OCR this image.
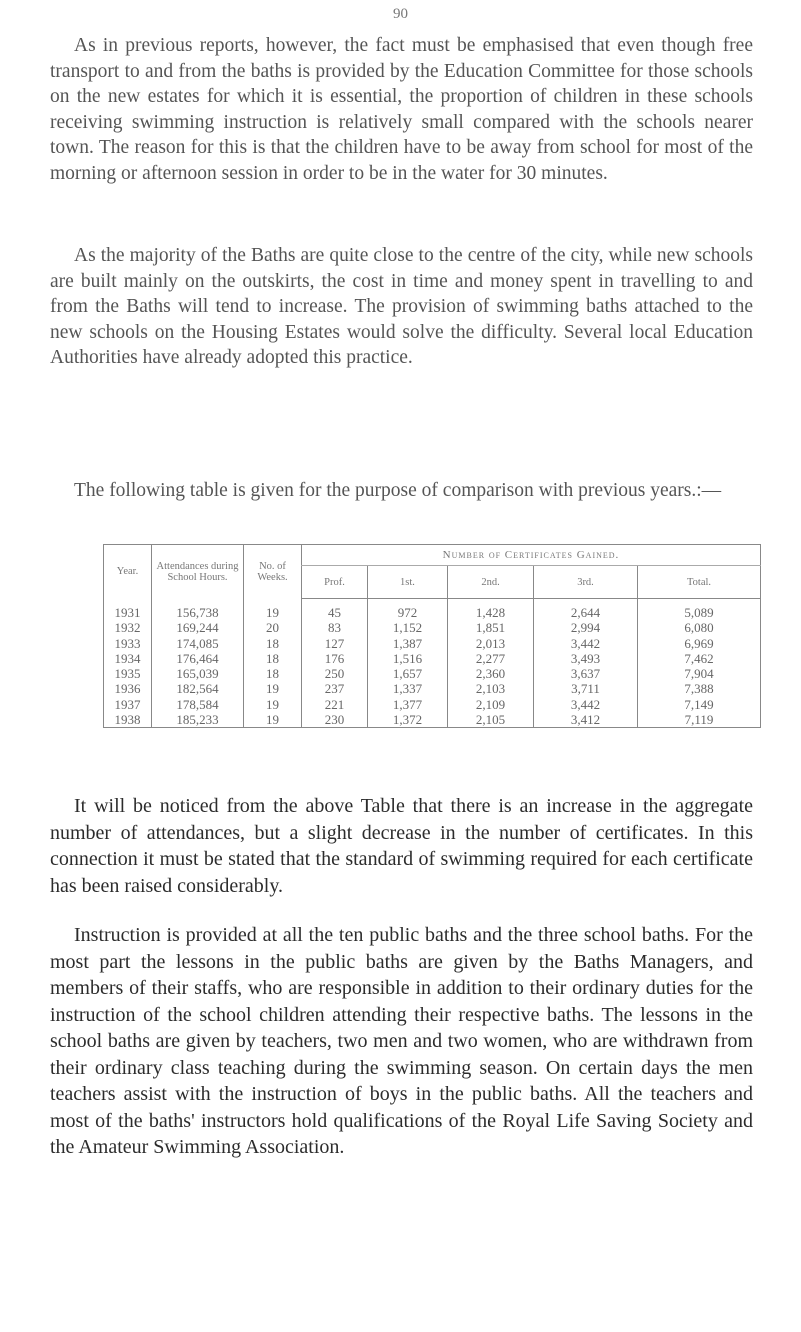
90

As in previous reports, however, the fact must be emphasised that even though free transport to and from the baths is provided by the Education Committee for those schools on the new estates for which it is essential, the proportion of children in these schools receiving swimming instruction is relatively small compared with the schools nearer town. The reason for this is that the children have to be away from school for most of the morning or afternoon session in order to be in the water for 30 minutes.

As the majority of the Baths are quite close to the centre of the city, while new schools are built mainly on the outskirts, the cost in time and money spent in travelling to and from the Baths will tend to increase. The provision of swimming baths attached to the new schools on the Housing Estates would solve the difficulty. Several local Education Authorities have already adopted this practice.

The following table is given for the purpose of comparison with previous years.:—

Year.	Attendances during School Hours.	No. of Weeks.	Number of Certificates Gained.				
			Prof.	1st.	2nd.	3rd.	Total.
1931	156,738	19	45	972	1,428	2,644	5,089
1932	169,244	20	83	1,152	1,851	2,994	6,080
1933	174,085	18	127	1,387	2,013	3,442	6,969
1934	176,464	18	176	1,516	2,277	3,493	7,462
1935	165,039	18	250	1,657	2,360	3,637	7,904
1936	182,564	19	237	1,337	2,103	3,711	7,388
1937	178,584	19	221	1,377	2,109	3,442	7,149
1938	185,233	19	230	1,372	2,105	3,412	7,119

It will be noticed from the above Table that there is an increase in the aggregate number of attendances, but a slight decrease in the number of certificates. In this connection it must be stated that the standard of swimming required for each certificate has been raised considerably.

Instruction is provided at all the ten public baths and the three school baths. For the most part the lessons in the public baths are given by the Baths Managers, and members of their staffs, who are responsible in addition to their ordinary duties for the instruction of the school children attending their respective baths. The lessons in the school baths are given by teachers, two men and two women, who are withdrawn from their ordinary class teaching during the swimming season. On certain days the men teachers assist with the instruction of boys in the public baths. All the teachers and most of the baths' instructors hold qualifications of the Royal Life Saving Society and the Amateur Swimming Association.
